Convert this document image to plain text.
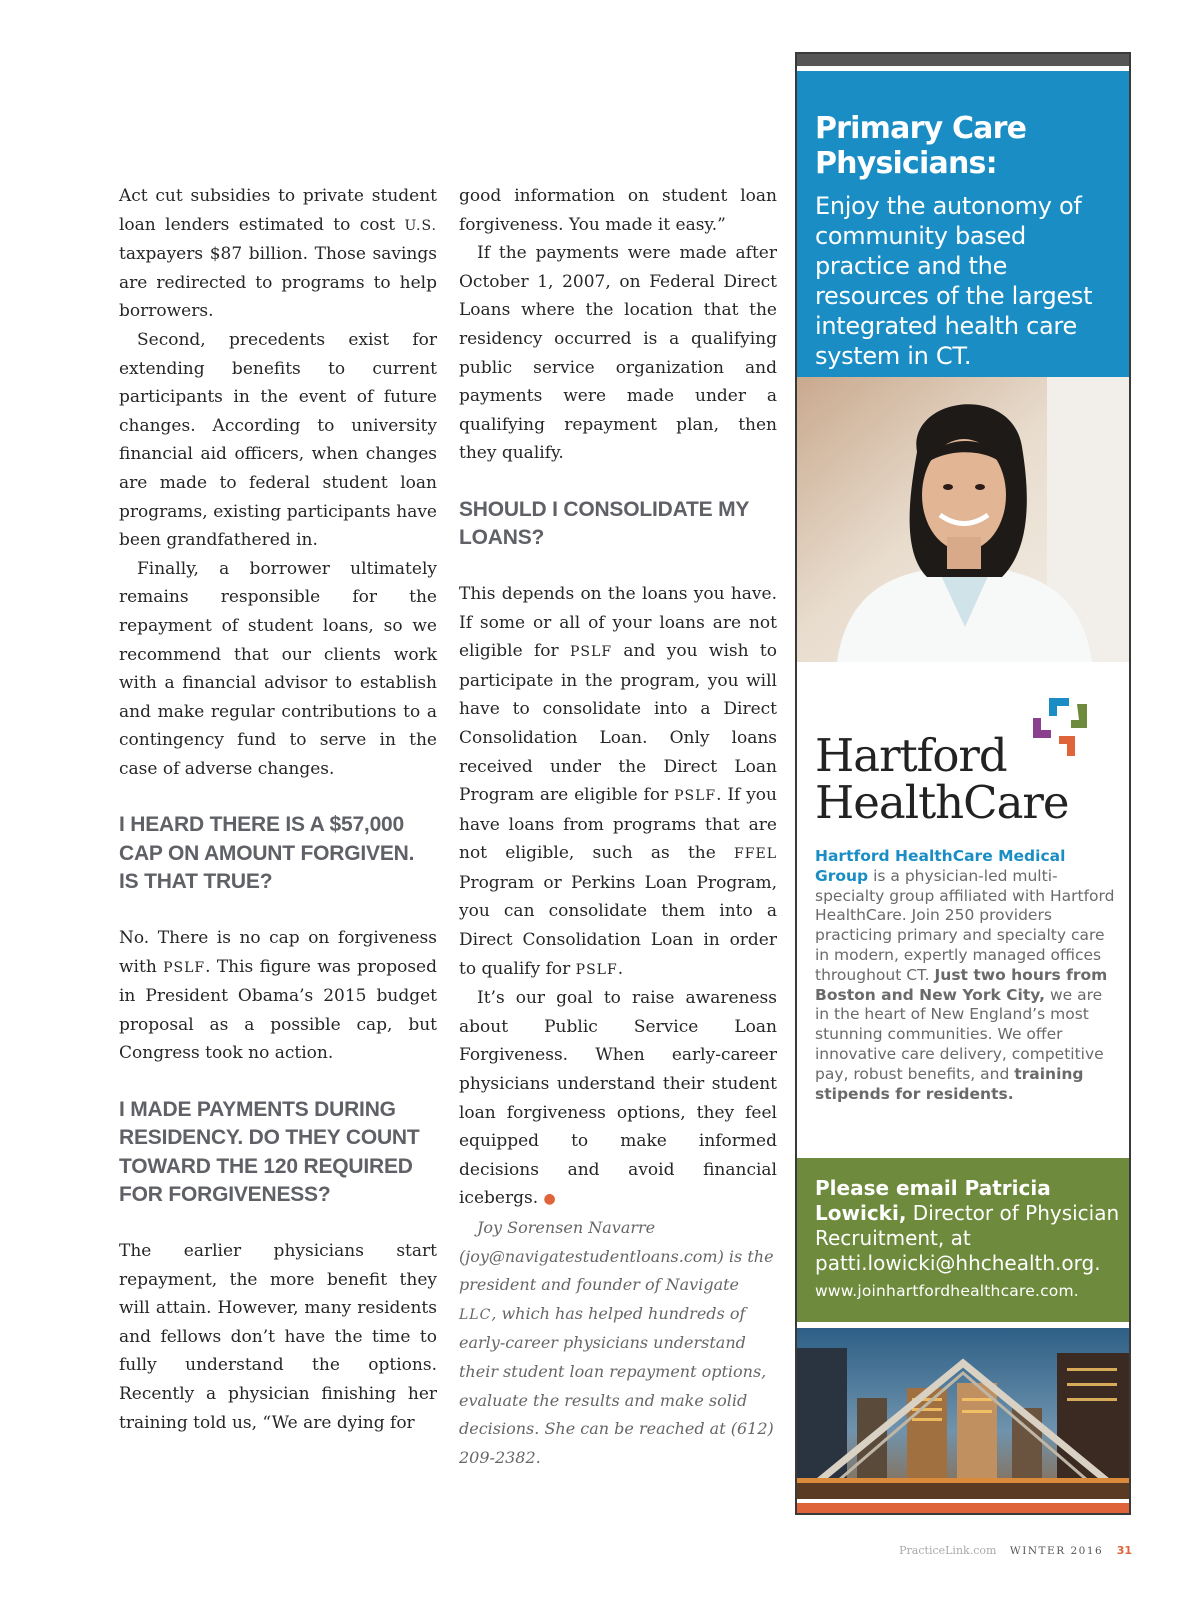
Act cut subsidies to private student loan lenders estimated to cost U.S. taxpayers $87 billion. Those savings are redirected to programs to help borrowers.

Second, precedents exist for extending benefits to current participants in the event of future changes. According to university financial aid officers, when changes are made to federal student loan programs, existing participants have been grandfathered in.

Finally, a borrower ultimately remains responsible for the repayment of student loans, so we recommend that our clients work with a financial advisor to establish and make regular contributions to a contingency fund to serve in the case of adverse changes.

I HEARD THERE IS A $57,000 CAP ON AMOUNT FORGIVEN. IS THAT TRUE?

No. There is no cap on forgiveness with PSLF. This figure was proposed in President Obama’s 2015 budget proposal as a possible cap, but Congress took no action.

I MADE PAYMENTS DURING RESIDENCY. DO THEY COUNT TOWARD THE 120 REQUIRED FOR FORGIVENESS?

The earlier physicians start repayment, the more benefit they will attain. However, many residents and fellows don’t have the time to fully understand the options. Recently a physician finishing her training told us, “We are dying for

good information on student loan forgiveness. You made it easy.”

If the payments were made after October 1, 2007, on Federal Direct Loans where the location that the residency occurred is a qualifying public service organization and payments were made under a qualifying repayment plan, then they qualify.

SHOULD I CONSOLIDATE MY LOANS?

This depends on the loans you have. If some or all of your loans are not eligible for PSLF and you wish to participate in the program, you will have to consolidate into a Direct Consolidation Loan. Only loans received under the Direct Loan Program are eligible for PSLF. If you have loans from programs that are not eligible, such as the FFEL Program or Perkins Loan Program, you can consolidate them into a Direct Consolidation Loan in order to qualify for PSLF.

It’s our goal to raise awareness about Public Service Loan Forgiveness. When early-career physicians understand their student loan forgiveness options, they feel equipped to make informed decisions and avoid financial icebergs. ●

Joy Sorensen Navarre (joy@navigatestudentloans.com) is the president and founder of Navigate LLC, which has helped hundreds of early-career physicians understand their student loan repayment options, evaluate the results and make solid decisions. She can be reached at (612) 209-2382.

Primary Care
Physicians:
Enjoy the autonomy of community based practice and the resources of the largest integrated health care system in CT.
Hartford
HealthCare
Hartford HealthCare Medical Group is a physician-led multi-specialty group affiliated with Hartford HealthCare. Join 250 providers practicing primary and specialty care in modern, expertly managed offices throughout CT. Just two hours from Boston and New York City, we are in the heart of New England’s most stunning communities. We offer innovative care delivery, competitive pay, robust benefits, and training stipends for residents.
Please email Patricia Lowicki, Director of Physician Recruitment, at patti.lowicki@hhchealth.org.
www.joinhartfordhealthcare.com.
PracticeLink.com WINTER 2016 31
